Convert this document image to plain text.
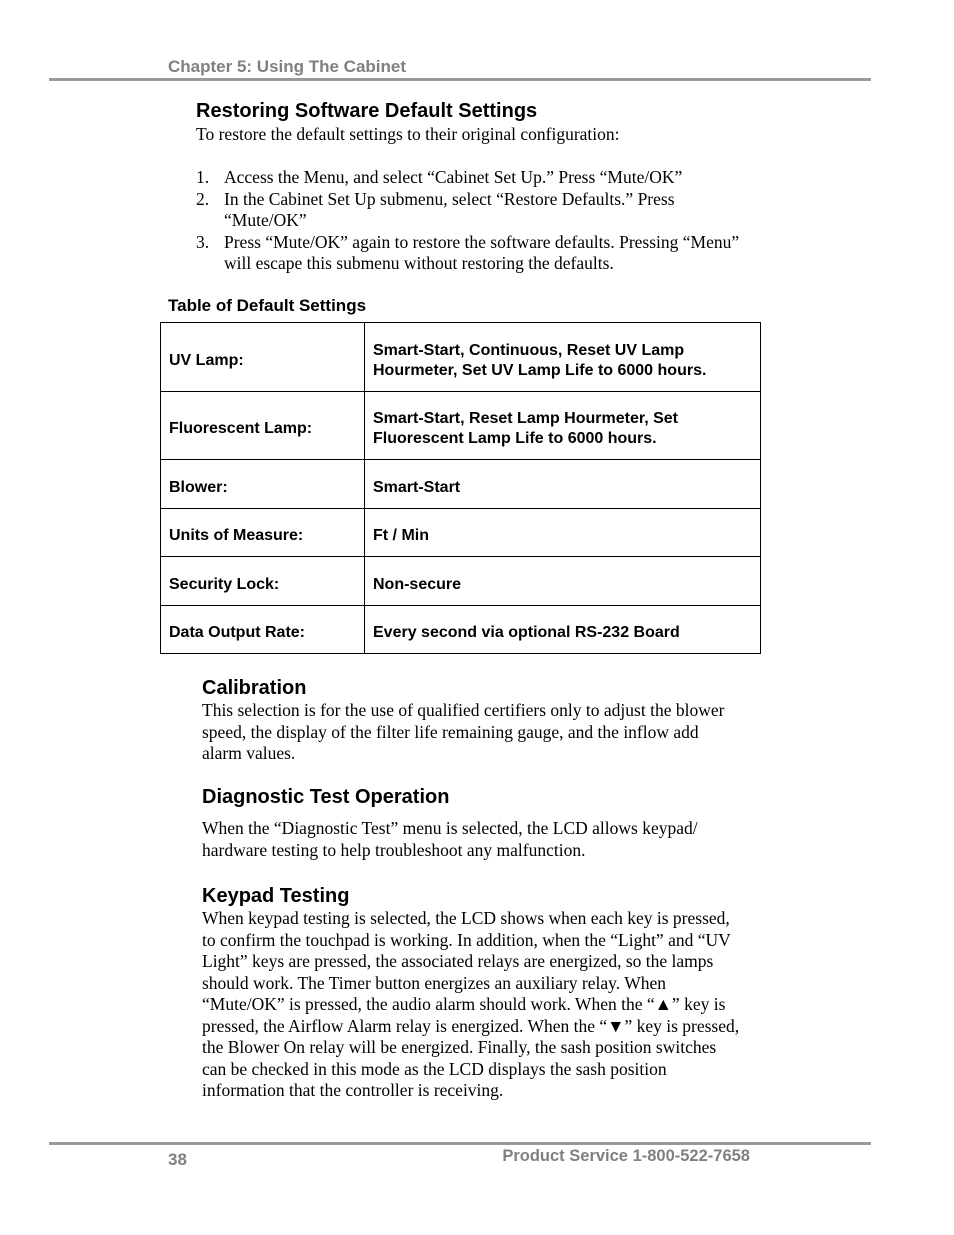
Chapter 5: Using The Cabinet
Restoring Software Default Settings

To restore the default settings to their original configuration:

1. Access the Menu, and select “Cabinet Set Up.” Press “Mute/OK”
2. In the Cabinet Set Up submenu, select “Restore Defaults.” Press “Mute/OK”
3. Press “Mute/OK” again to restore the software defaults. Pressing “Menu” will escape this submenu without restoring the defaults.
Table of Default Settings
UV Lamp:	Smart-Start, Continuous, Reset UV Lamp Hourmeter, Set UV Lamp Life to 6000 hours.

Fluorescent Lamp:	Smart-Start, Reset Lamp Hourmeter, Set Fluorescent Lamp Life to 6000 hours.

Blower:	Smart-Start

Units of Measure:	Ft / Min

Security Lock:	Non-secure

Data Output Rate:	Every second via optional RS-232 Board
Calibration

This selection is for the use of qualified certifiers only to adjust the blower speed, the display of the filter life remaining gauge, and the inflow add alarm values.

Diagnostic Test Operation

When the “Diagnostic Test” menu is selected, the LCD allows keypad/ hardware testing to help troubleshoot any malfunction.

Keypad Testing

When keypad testing is selected, the LCD shows when each key is pressed, to confirm the touchpad is working. In addition, when the “Light” and “UV Light” keys are pressed, the associated relays are energized, so the lamps should work. The Timer button energizes an auxiliary relay. When “Mute/OK” is pressed, the audio alarm should work. When the “▲” key is pressed, the Airflow Alarm relay is energized. When the “▼” key is pressed, the Blower On relay will be energized. Finally, the sash position switches can be checked in this mode as the LCD displays the sash position information that the controller is receiving.

38	Product Service 1-800-522-7658
